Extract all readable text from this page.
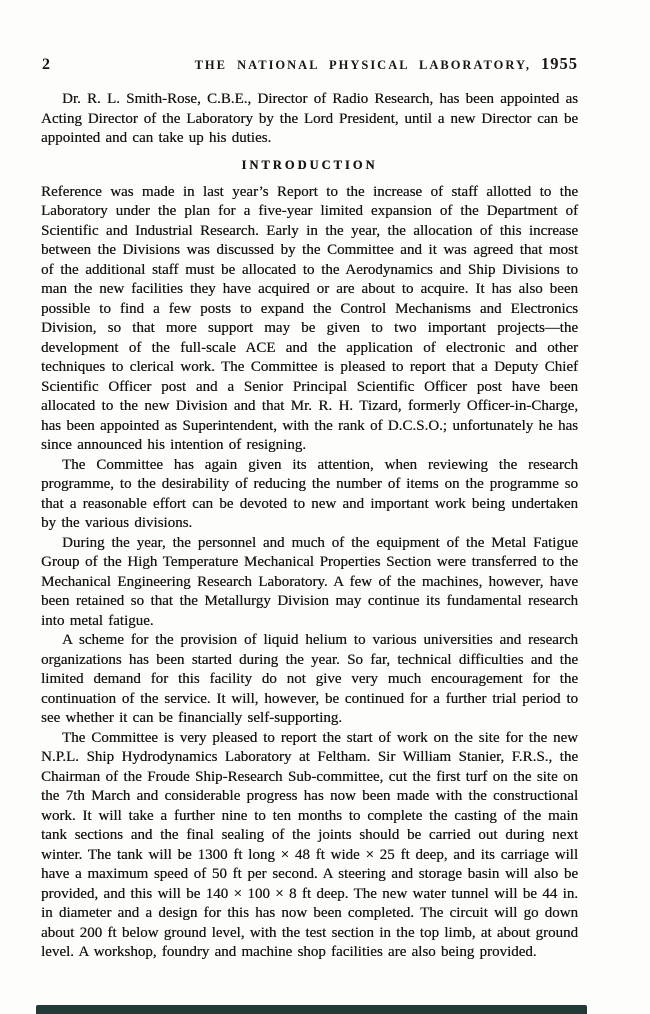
2	THE NATIONAL PHYSICAL LABORATORY, 1955

Dr. R. L. Smith-Rose, C.B.E., Director of Radio Research, has been appointed as Acting Director of the Laboratory by the Lord President, until a new Director can be appointed and can take up his duties.

INTRODUCTION

Reference was made in last year’s Report to the increase of staff allotted to the Laboratory under the plan for a five-year limited expansion of the Department of Scientific and Industrial Research. Early in the year, the allocation of this increase between the Divisions was discussed by the Committee and it was agreed that most of the additional staff must be allocated to the Aerodynamics and Ship Divisions to man the new facilities they have acquired or are about to acquire. It has also been possible to find a few posts to expand the Control Mechanisms and Electronics Division, so that more support may be given to two important projects—the development of the full-scale ACE and the application of electronic and other techniques to clerical work. The Committee is pleased to report that a Deputy Chief Scientific Officer post and a Senior Principal Scientific Officer post have been allocated to the new Division and that Mr. R. H. Tizard, formerly Officer-in-Charge, has been appointed as Superintendent, with the rank of D.C.S.O.; unfortunately he has since announced his intention of resigning.

The Committee has again given its attention, when reviewing the research programme, to the desirability of reducing the number of items on the programme so that a reasonable effort can be devoted to new and important work being undertaken by the various divisions.

During the year, the personnel and much of the equipment of the Metal Fatigue Group of the High Temperature Mechanical Properties Section were transferred to the Mechanical Engineering Research Laboratory. A few of the machines, however, have been retained so that the Metallurgy Division may continue its fundamental research into metal fatigue.

A scheme for the provision of liquid helium to various universities and research organizations has been started during the year. So far, technical difficulties and the limited demand for this facility do not give very much encouragement for the continuation of the service. It will, however, be continued for a further trial period to see whether it can be financially self-supporting.

The Committee is very pleased to report the start of work on the site for the new N.P.L. Ship Hydrodynamics Laboratory at Feltham. Sir William Stanier, F.R.S., the Chairman of the Froude Ship-Research Sub-committee, cut the first turf on the site on the 7th March and considerable progress has now been made with the constructional work. It will take a further nine to ten months to complete the casting of the main tank sections and the final sealing of the joints should be carried out during next winter. The tank will be 1300 ft long × 48 ft wide × 25 ft deep, and its carriage will have a maximum speed of 50 ft per second. A steering and storage basin will also be provided, and this will be 140 × 100 × 8 ft deep. The new water tunnel will be 44 in. in diameter and a design for this has now been completed. The circuit will go down about 200 ft below ground level, with the test section in the top limb, at about ground level. A workshop, foundry and machine shop facilities are also being provided.
